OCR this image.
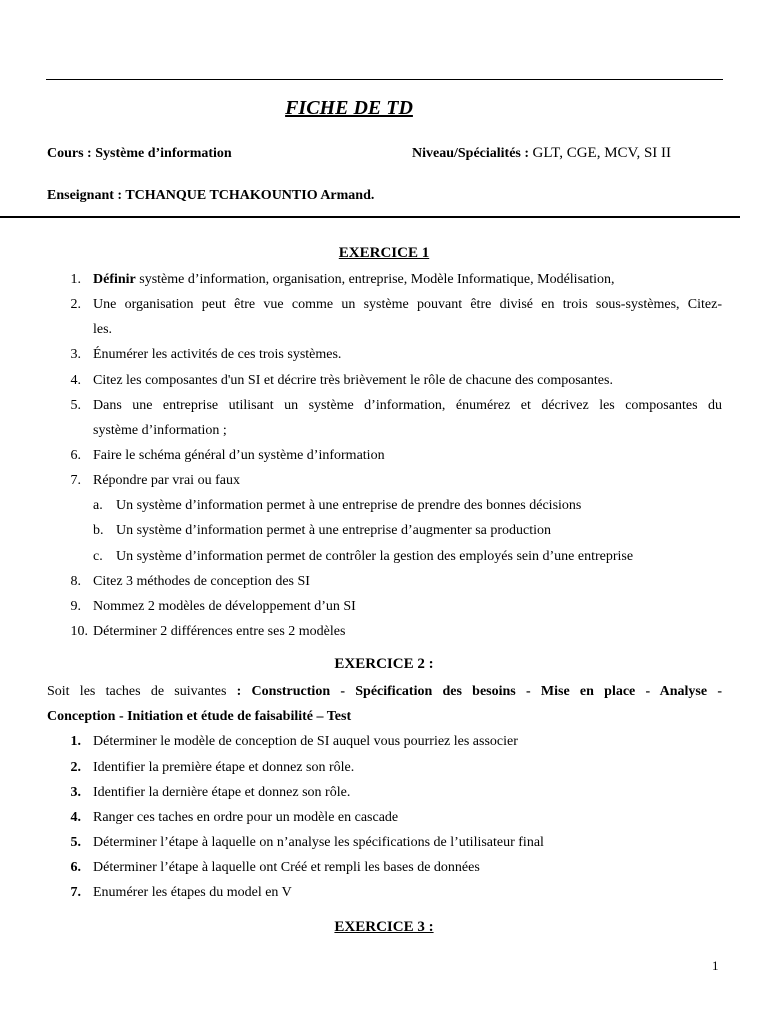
FICHE DE TD
Cours : Système d’information	Niveau/Spécialités : GLT, CGE, MCV, SI II
Enseignant : TCHANQUE TCHAKOUNTIO Armand.
EXERCICE 1
1. Définir système d’information, organisation, entreprise, Modèle Informatique, Modélisation,
2. Une organisation peut être vue comme un système pouvant être divisé en trois sous-systèmes, Citez-
les.
3. Énumérer les activités de ces trois systèmes.
4. Citez les composantes d'un SI et décrire très brièvement le rôle de chacune des composantes.
5. Dans une entreprise utilisant un système d’information, énumérez et décrivez les composantes du
système d’information ;
6. Faire le schéma général d’un système d’information
7. Répondre par vrai ou faux
a. Un système d’information permet à une entreprise de prendre des bonnes décisions
b. Un système d’information permet à une entreprise d’augmenter sa production
c. Un système d’information permet de contrôler la gestion des employés sein d’une entreprise
8. Citez 3 méthodes de conception des SI
9. Nommez 2 modèles de développement d’un SI
10. Déterminer 2 différences entre ses 2 modèles
EXERCICE 2 :
Soit les taches de suivantes : Construction - Spécification des besoins - Mise en place - Analyse -
Conception - Initiation et étude de faisabilité – Test
1. Déterminer le modèle de conception de SI auquel vous pourriez les associer
2. Identifier la première étape et donnez son rôle.
3. Identifier la dernière étape et donnez son rôle.
4. Ranger ces taches en ordre pour un modèle en cascade
5. Déterminer l’étape à laquelle on n’analyse les spécifications de l’utilisateur final
6. Déterminer l’étape à laquelle ont Créé et rempli les bases de données
7. Enumérer les étapes du model en V
EXERCICE 3 :
1
